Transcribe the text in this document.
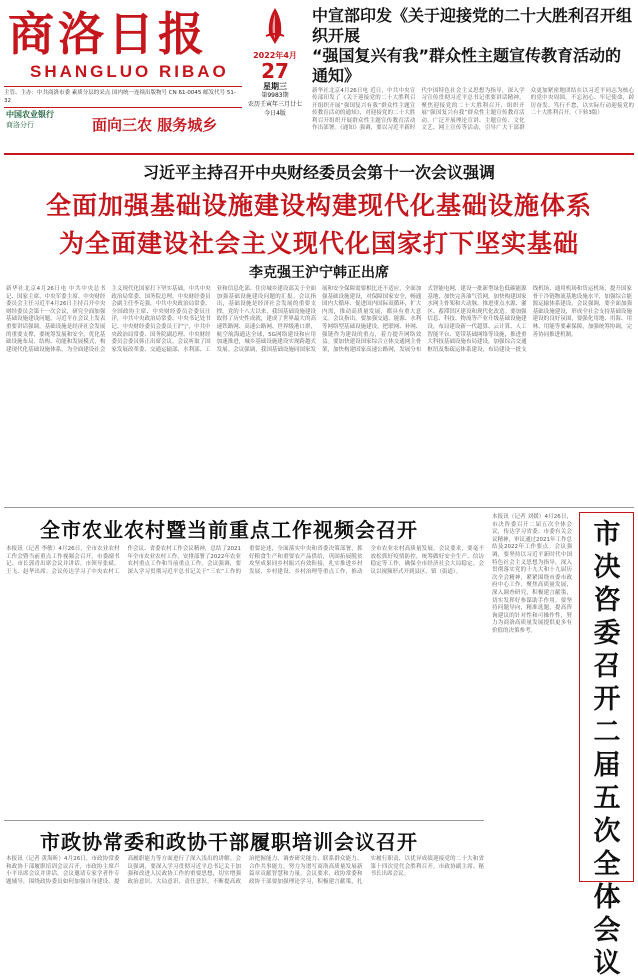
商洛日报
SHANGLUO RIBAO
主管、主办：中共商洛市委 素质分层的采点 国内统一连续出版物号 CN 61-0045 邮发代号 51-32
中国农业银行
商洛分行	面向三农 服务城乡
2022年4月
27
星期三
第9983期
农历壬寅年三月廿七
今日4版
中宣部印发《关于迎接党的二十大胜利召开组织开展
“强国复兴有我”群众性主题宣传教育活动的通知》
新华社北京4月26日电 近日，中共中央宣传部印发了《关于迎接党的二十大胜利召开组织开展“强国复兴有我”群众性主题宣传教育活动的通知》，对迎接党的二十大胜利召开组织开展群众性主题宣传教育活动作出部署。《通知》强调，要以习近平新时代中国特色社会主义思想为指导，深入学习宣传贯彻习近平总书记重要讲话精神，聚焦迎接党的二十大胜利召开，组织开展“强国复兴有我”群众性主题宣传教育活动，广泛开展理论宣讲、主题宣传、文化文艺、网上宣传等活动，引导广大干部群众更加紧密地团结在以习近平同志为核心的党中央周围，不忘初心、牢记使命，踔厉奋发、笃行不怠，以实际行动迎接党的二十大胜利召开。（下转3版）
习近平主持召开中央财经委员会第十一次会议强调
全面加强基础设施建设构建现代化基础设施体系
为全面建设社会主义现代化国家打下坚实基础
李克强王沪宁韩正出席
新华社北京4月26日电 中共中央总书记、国家主席、中央军委主席、中央财经委员会主任习近平4月26日主持召开中央财经委员会第十一次会议，研究全面加强基础设施建设问题。习近平在会议上发表重要讲话强调，基础设施是经济社会发展的重要支撑，要统筹发展和安全，优化基础设施布局、结构、功能和发展模式，构建现代化基础设施体系，为全面建设社会主义现代化国家打下坚实基础。中共中央政治局常委、国务院总理、中央财经委员会副主任李克强，中共中央政治局常委、全国政协主席、中央财经委员会委员汪洋，中共中央政治局常委、中央书记处书记、中央财经委员会委员王沪宁，中共中央政治局常委、国务院副总理、中央财经委员会委员韩正出席会议。会议听取了国家发展改革委、交通运输部、水利部、工业和信息化部、住房城乡建设部关于全面加强基础设施建设问题的汇报。会议指出，基础设施是经济社会发展的重要支撑。党的十八大以来，我国基础设施建设取得了历史性成就，建成了世界最大的高速铁路网、高速公路网、世界级港口群，航空航海通达全球，5G网络建设和应用加速推进，城乡基础设施建设实现跨越式发展。会议强调，我国基础设施同国家发展和安全保障需要相比还不适应，全面加强基础设施建设，对保障国家安全，畅通国内大循环、促进国内国际双循环，扩大内需，推动高质量发展，都具有重大意义。会议指出，要加强交通、能源、水利等网络型基础设施建设，把联网、补网、强链作为建设的重点，着力提升网络效益。要加快建设国家综合立体交通网主骨架，加快构建国家高速公路网，发展分布式智能电网，建设一批新型绿色低碳能源基地，加快完善油气管网，加快构建国家水网主骨架和大动脉，推进重点水源、灌区、蓄滞洪区建设和现代化改造。要加强信息、科技、物流等产业升级基础设施建设，布局建设新一代超算、云计算、人工智能平台、宽带基础网络等设施，推进重大科技基础设施布局建设，加强综合交通枢纽及集疏运体系建设，布局建设一批支线机场、通用机场和货运机场，提升国家骨干冷链物流基地设施水平，加强综合能源运输体系建设。会议强调，要全面加强基础设施建设，形成全社会支持基础设施建设的良好氛围，要强化用地、用海、用林、用能等要素保障，加强统筹协调，完善协同推进机制。
全市农业农村暨当前重点工作视频会召开
本报讯（记者 李敏）4月26日，全市农业农村工作会暨当前重点工作视频会召开，市委副书记、市长郭青出席会议并讲话。市领导张斌、王飞、赵华出席。会议传达学习了中央农村工作会议、省委农村工作会议精神，总结了2021年全市农业农村工作，安排部署了2022年农业农村重点工作和当前重点工作。会议强调，要深入学习贯彻习近平总书记关于“三农”工作的重要论述，全面落实中央和省委决策部署，抓好粮食生产和重要农产品供给，巩固拓展脱贫攻坚成果同乡村振兴有效衔接，扎实推进乡村发展、乡村建设、乡村治理等重点工作，推动全市农业农村高质量发展。会议要求，要毫不放松抓好疫情防控，统筹做好安全生产、信访稳定等工作，确保全市经济社会大局稳定。会议以视频形式开到县区、镇（街道）。
本报讯（记者 刘媛）4月26日，市决咨委召开二届五次全体会议，传达学习省委、市委有关会议精神，审议通过2021年工作总结及2022年工作要点。会议强调，要坚持以习近平新时代中国特色社会主义思想为指导，深入贯彻落实党的十九大和十九届历次全会精神，紧紧围绕市委市政府中心工作，聚焦高质量发展，深入调查研究，积极建言献策，切实发挥好参谋助手作用。要坚持问题导向，精准选题，提高咨询建议的针对性和可操作性，努力为商洛高质量发展提供更多有价值的决策参考。
市决咨委召开二届五次全体会议
市政协常委和政协干部履职培训会议召开
本报讯（记者 黄海昕）4月26日，市政协常委和政协干部履职培训会议召开，市政协主席卢小平出席会议并讲话。会议邀请专家学者作专题辅导，围绕政协委员如何加强自身建设、提高履职能力等方面进行了深入浅出的讲解。会议强调，要深入学习贯彻习近平总书记关于加强和改进人民政协工作的重要思想，切实增强政治意识、大局意识、责任意识，不断提高政治把握能力、调查研究能力、联系群众能力、合作共事能力，努力为谱写商洛高质量发展新篇章贡献智慧和力量。会议要求，政协常委和政协干部要加强理论学习，积极建言献策，扎实履行职责，以优异成绩迎接党的二十大和省第十四次党代会胜利召开。市政协副主席、秘书长出席会议。
